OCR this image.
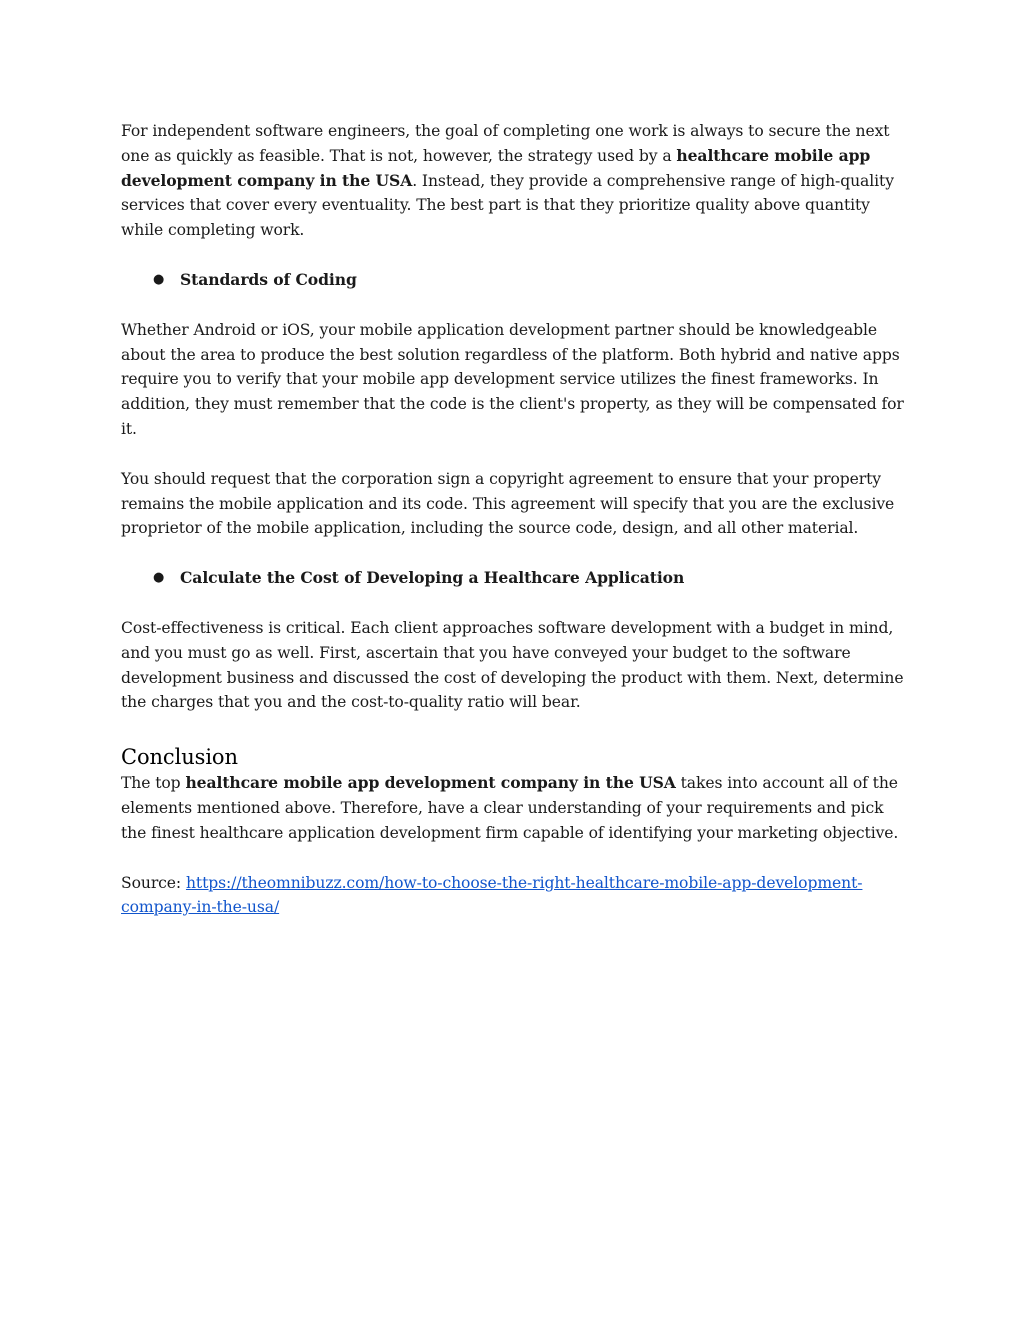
For independent software engineers, the goal of completing one work is always to secure the next one as quickly as feasible. That is not, however, the strategy used by a healthcare mobile app development company in the USA. Instead, they provide a comprehensive range of high-quality services that cover every eventuality. The best part is that they prioritize quality above quantity while completing work.

● Standards of Coding

Whether Android or iOS, your mobile application development partner should be knowledgeable about the area to produce the best solution regardless of the platform. Both hybrid and native apps require you to verify that your mobile app development service utilizes the finest frameworks. In addition, they must remember that the code is the client's property, as they will be compensated for it.

You should request that the corporation sign a copyright agreement to ensure that your property remains the mobile application and its code. This agreement will specify that you are the exclusive proprietor of the mobile application, including the source code, design, and all other material.

● Calculate the Cost of Developing a Healthcare Application

Cost-effectiveness is critical. Each client approaches software development with a budget in mind, and you must go as well. First, ascertain that you have conveyed your budget to the software development business and discussed the cost of developing the product with them. Next, determine the charges that you and the cost-to-quality ratio will bear.

Conclusion

The top healthcare mobile app development company in the USA takes into account all of the elements mentioned above. Therefore, have a clear understanding of your requirements and pick the finest healthcare application development firm capable of identifying your marketing objective.

Source: https://theomnibuzz.com/how-to-choose-the-right-healthcare-mobile-app-development-company-in-the-usa/
